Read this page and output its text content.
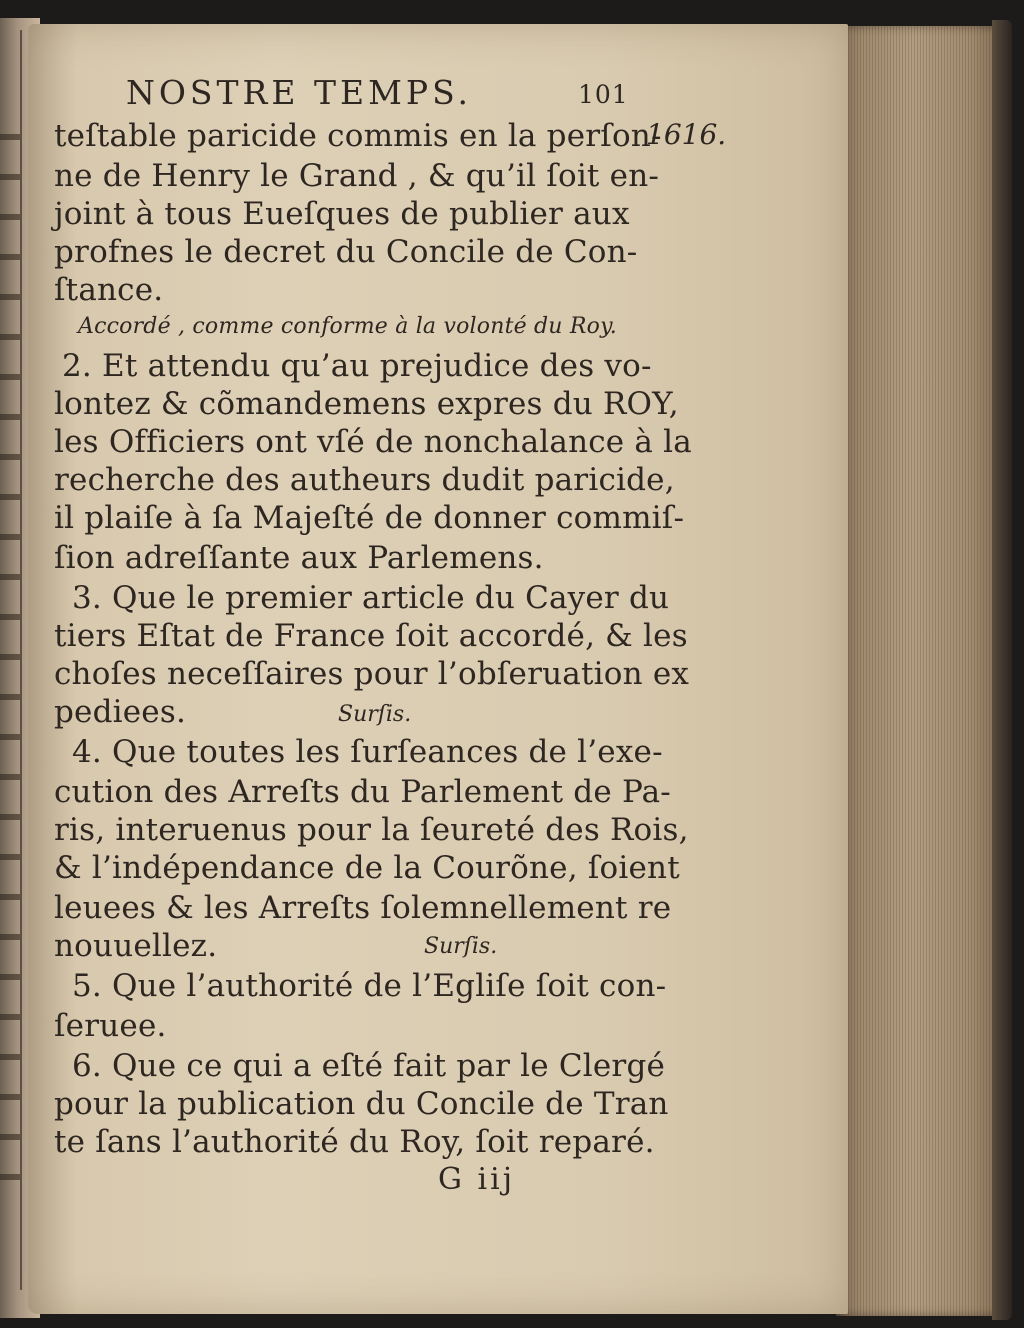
NOSTRE TEMPS.	101
1616.
teſtable paricide commis en la perſon-
ne de Henry le Grand , & qu’il ſoit en-
joint à tous Eueſques de publier aux
profnes le decret du Concile de Con-
ſtance.
Accordé , comme conforme à la volonté du Roy.
2. Et attendu qu’au prejudice des vo-
lontez & cõmandemens expres du ROY,
les Officiers ont vſé de nonchalance à la
recherche des autheurs dudit paricide,
il plaiſe à ſa Majeſté de donner commiſ-
ſion adreſſante aux Parlemens.
3. Que le premier article du Cayer du
tiers Eſtat de France ſoit accordé, & les
choſes neceſſaires pour l’obſeruation ex
pediees.	Surſis.
4. Que toutes les ſurſeances de l’exe-
cution des Arreſts du Parlement de Pa-
ris, interuenus pour la ſeureté des Rois,
& l’indépendance de la Courõne, ſoient
leuees & les Arreſts ſolemnellement re
nouuellez.	Surſis.
5. Que l’authorité de l’Egliſe ſoit con-
ſeruee.
6. Que ce qui a eſté fait par le Clergé
pour la publication du Concile de Tran
te ſans l’authorité du Roy, ſoit reparé.
G iij
